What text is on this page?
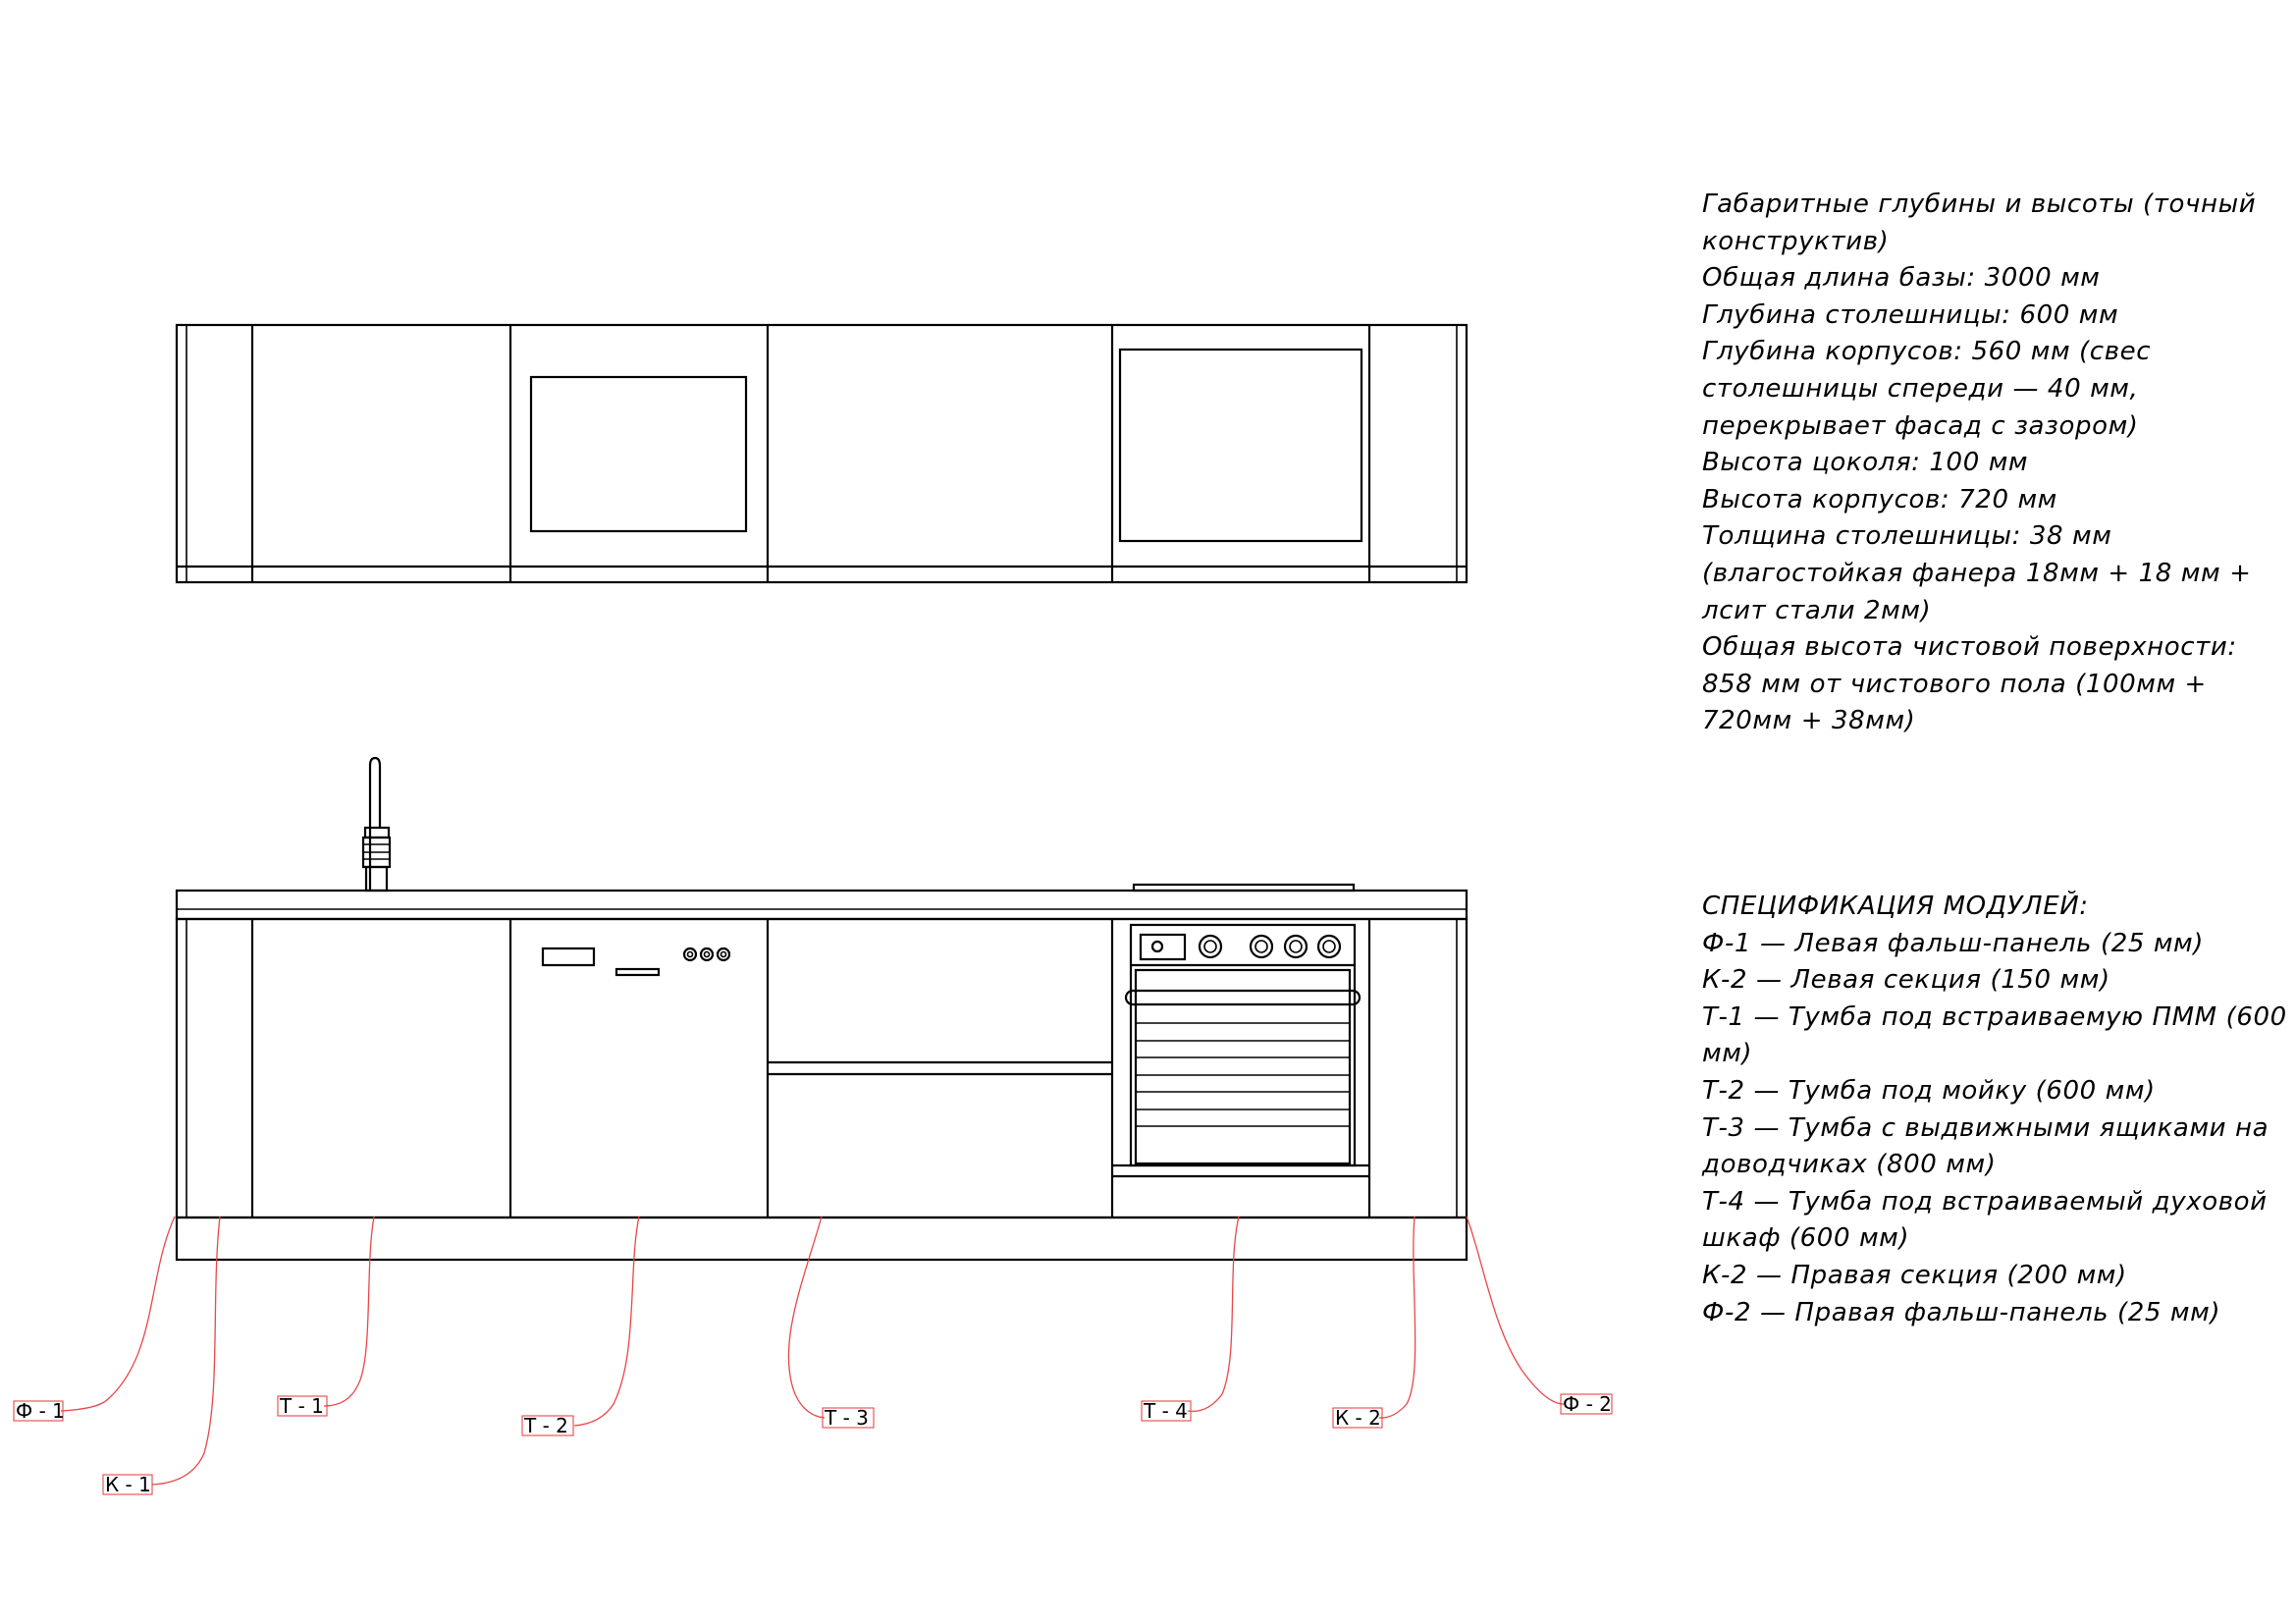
Ф - 1
К - 1
Т - 1
Т - 2	Т - 3	Т - 4	К - 2
Ф - 2
Габаритные глубины и высоты (точный конструктив)
Общая длина базы: 3000 мм
Глубина столешницы: 600 мм
Глубина корпусов: 560 мм (свес столешницы спереди — 40 мм, перекрывает фасад с зазором)
Высота цоколя: 100 мм
Высота корпусов: 720 мм
Толщина столешницы: 38 мм (влагостойкая фанера 18мм + 18 мм + лсит стали 2мм)
Общая высота чистовой поверхности: 858 мм от чистового пола (100мм + 720мм + 38мм)
СПЕЦИФИКАЦИЯ МОДУЛЕЙ:
Ф-1 — Левая фальш-панель (25 мм)
К-2 — Левая секция (150 мм)
Т-1 — Тумба под встраиваемую ПММ (600 мм)
Т-2 — Тумба под мойку (600 мм)
Т-3 — Тумба с выдвижными ящиками на доводчиках (800 мм)
Т-4 — Тумба под встраиваемый духовой шкаф (600 мм)
К-2 — Правая секция (200 мм)
Ф-2 — Правая фальш-панель (25 мм)
